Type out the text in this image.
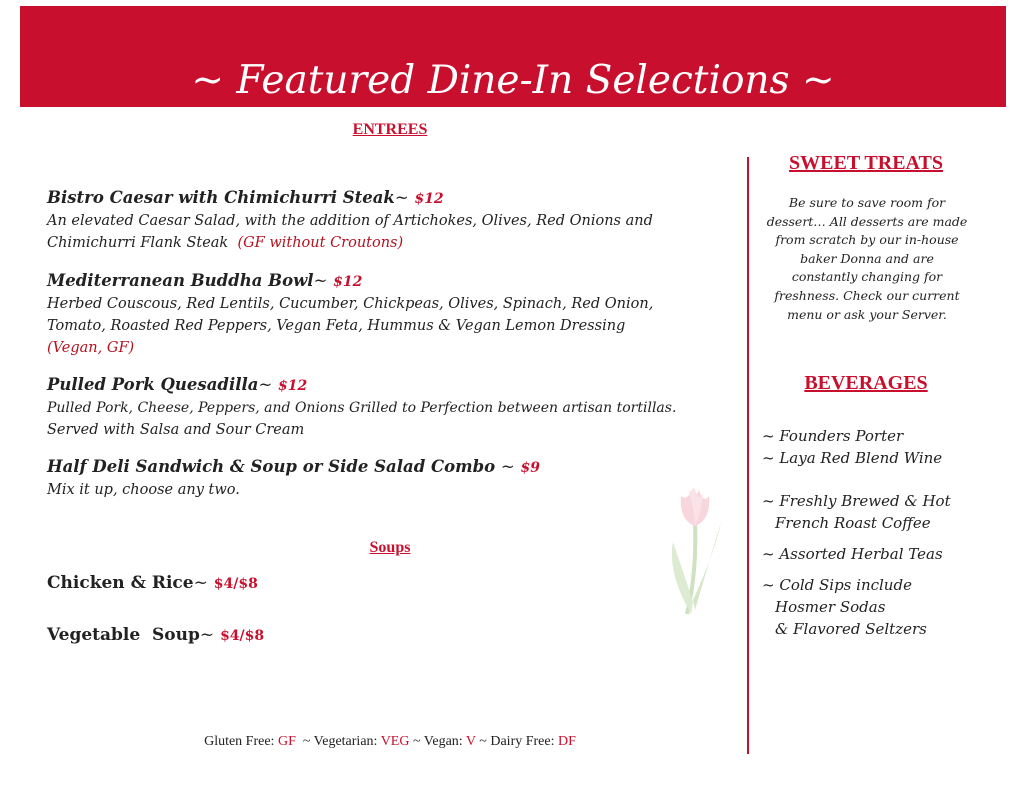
~ Featured Dine-In Selections ~
ENTREES
Bistro Caesar with Chimichurri Steak~ $12
An elevated Caesar Salad, with the addition of Artichokes, Olives, Red Onions and
Chimichurri Flank Steak (GF without Croutons)
Mediterranean Buddha Bowl~ $12
Herbed Couscous, Red Lentils, Cucumber, Chickpeas, Olives, Spinach, Red Onion,
Tomato, Roasted Red Peppers, Vegan Feta, Hummus & Vegan Lemon Dressing
(Vegan, GF)
Pulled Pork Quesadilla~ $12
Pulled Pork, Cheese, Peppers, and Onions Grilled to Perfection between artisan tortillas.
Served with Salsa and Sour Cream
Half Deli Sandwich & Soup or Side Salad Combo ~ $9
Mix it up, choose any two.
Soups
Chicken & Rice~ $4/$8
Vegetable  Soup~ $4/$8
SWEET TREATS
Be sure to save room for
dessert… All desserts are made
from scratch by our in-house
baker Donna and are
constantly changing for
freshness. Check our current
menu or ask your Server.
BEVERAGES
~ Founders Porter
~ Laya Red Blend Wine
~ Freshly Brewed & Hot
French Roast Coffee
~ Assorted Herbal Teas
~ Cold Sips include
Hosmer Sodas
& Flavored Seltzers
Gluten Free: GF ~ Vegetarian: VEG ~ Vegan: V ~ Dairy Free: DF
